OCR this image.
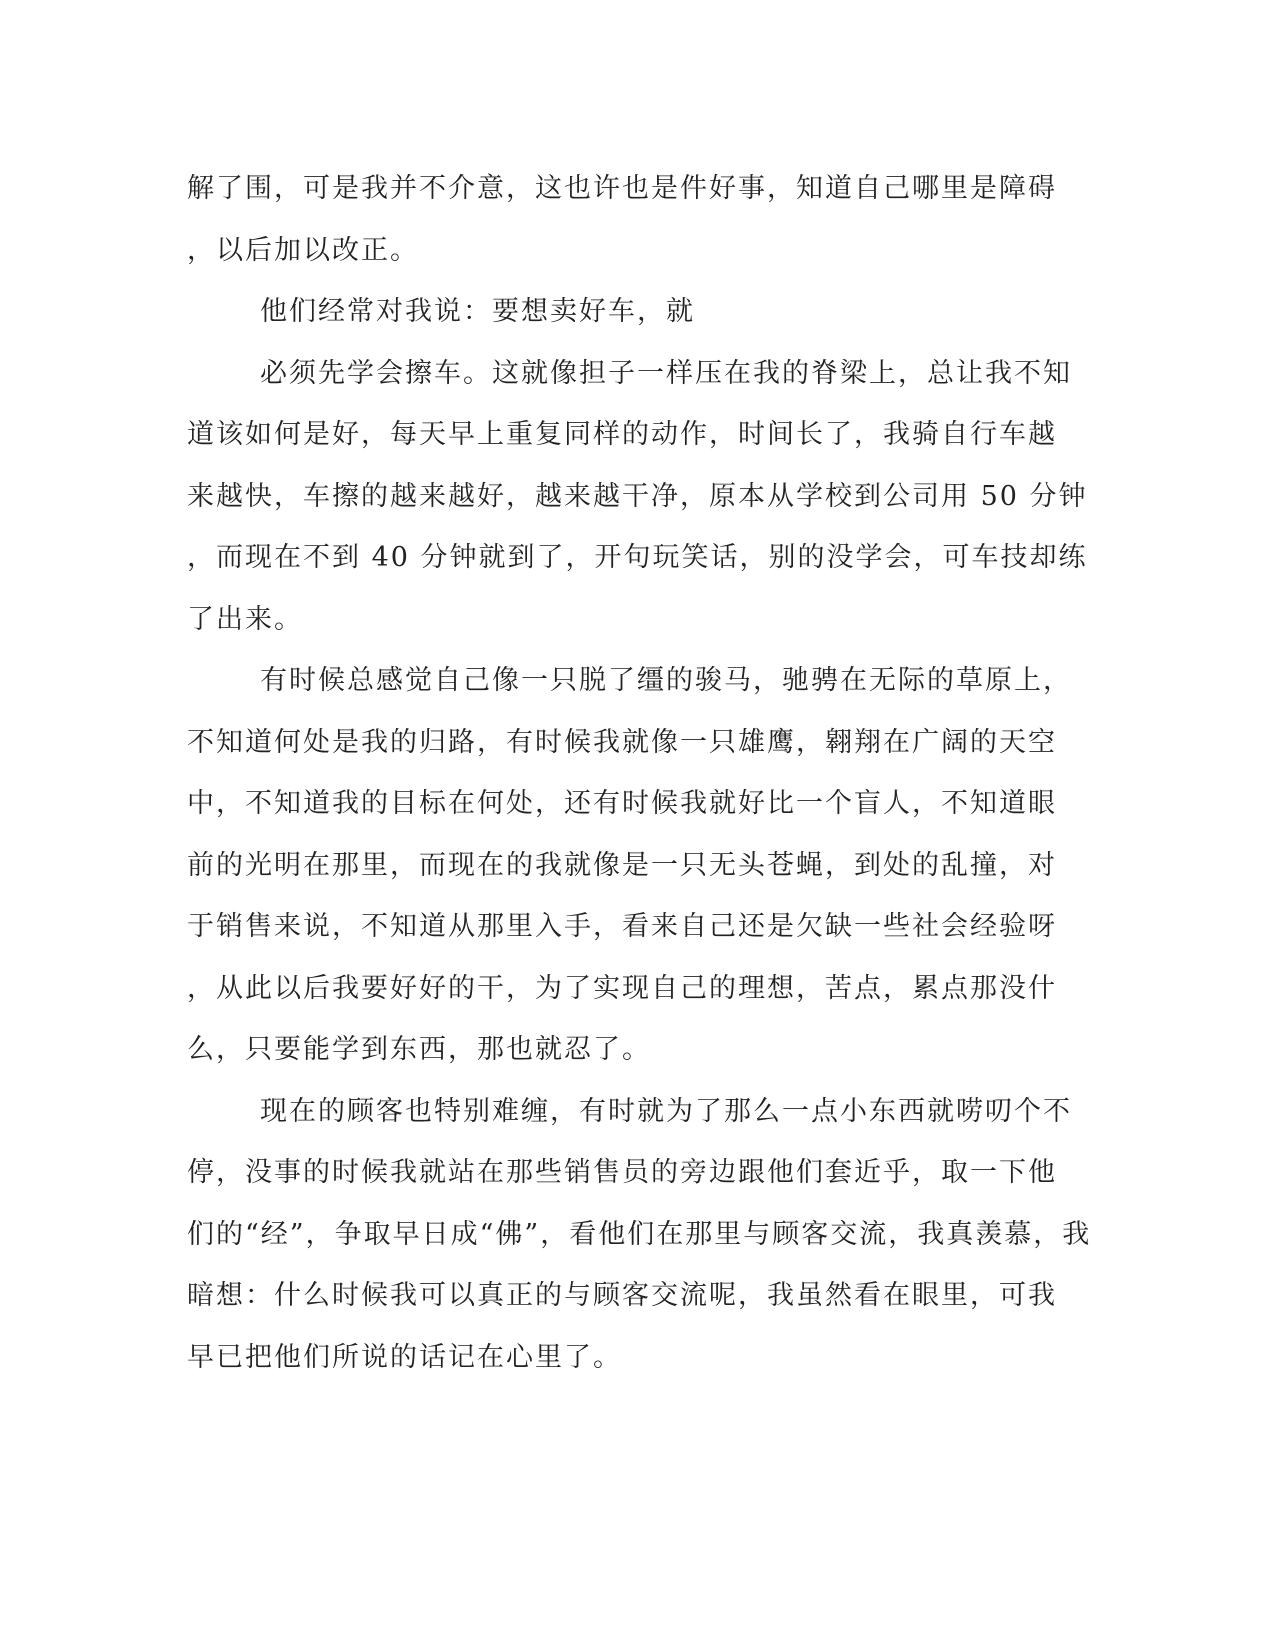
解了围，可是我并不介意，这也许也是件好事，知道自己哪里是障碍

，以后加以改正。

他们经常对我说：要想卖好车，就

必须先学会擦车。这就像担子一样压在我的脊梁上，总让我不知

道该如何是好，每天早上重复同样的动作，时间长了，我骑自行车越

来越快，车擦的越来越好，越来越干净，原本从学校到公司用 50 分钟

，而现在不到 40 分钟就到了，开句玩笑话，别的没学会，可车技却练

了出来。

有时候总感觉自己像一只脱了缰的骏马，驰骋在无际的草原上，

不知道何处是我的归路，有时候我就像一只雄鹰，翱翔在广阔的天空

中，不知道我的目标在何处，还有时候我就好比一个盲人，不知道眼

前的光明在那里，而现在的我就像是一只无头苍蝇，到处的乱撞，对

于销售来说，不知道从那里入手，看来自己还是欠缺一些社会经验呀

，从此以后我要好好的干，为了实现自己的理想，苦点，累点那没什

么，只要能学到东西，那也就忍了。

现在的顾客也特别难缠，有时就为了那么一点小东西就唠叨个不

停，没事的时候我就站在那些销售员的旁边跟他们套近乎，取一下他

们的“经”，争取早日成“佛”，看他们在那里与顾客交流，我真羡慕，我

暗想：什么时候我可以真正的与顾客交流呢，我虽然看在眼里，可我

早已把他们所说的话记在心里了。
